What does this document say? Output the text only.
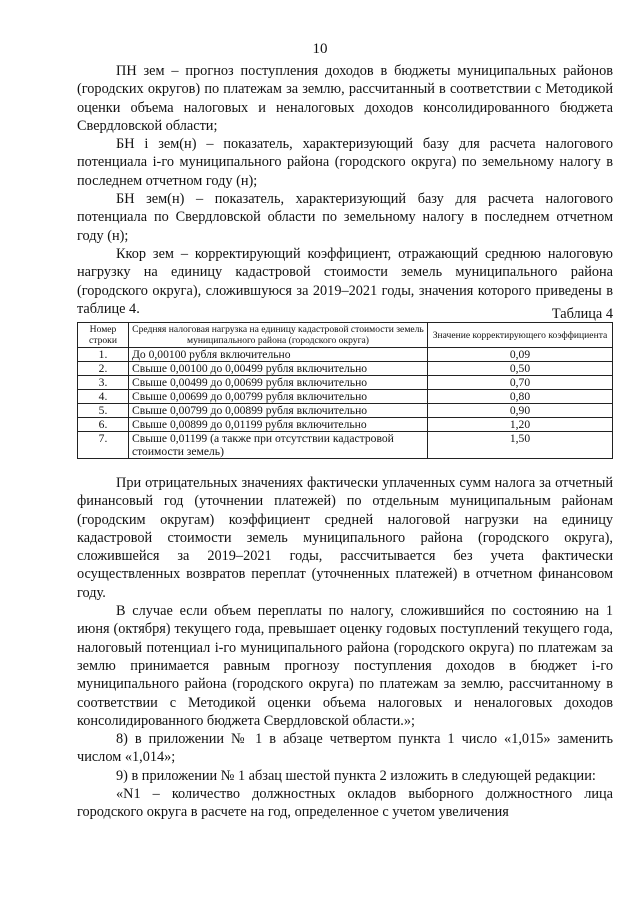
10

ПН зем – прогноз поступления доходов в бюджеты муниципальных районов (городских округов) по платежам за землю, рассчитанный в соответствии с Методикой оценки объема налоговых и неналоговых доходов консолидированного бюджета Свердловской области;

БН i зем(н) – показатель, характеризующий базу для расчета налогового потенциала i-го муниципального района (городского округа) по земельному налогу в последнем отчетном году (н);

БН зем(н) – показатель, характеризующий базу для расчета налогового потенциала по Свердловской области по земельному налогу в последнем отчетном году (н);

Ккор зем – корректирующий коэффициент, отражающий среднюю налоговую нагрузку на единицу кадастровой стоимости земель муниципального района (городского округа), сложившуюся за 2019–2021 годы, значения которого приведены в таблице 4.	Таблица 4
Номер строки	Средняя налоговая нагрузка на единицу кадастровой стоимости земель муниципального района (городского округа)	Значение корректирующего коэффициента
1.	До 0,00100 рубля включительно	0,09
2.	Свыше 0,00100 до 0,00499 рубля включительно	0,50
3.	Свыше 0,00499 до 0,00699 рубля включительно	0,70
4.	Свыше 0,00699 до 0,00799 рубля включительно	0,80
5.	Свыше 0,00799 до 0,00899 рубля включительно	0,90
6.	Свыше 0,00899 до 0,01199 рубля включительно	1,20
7.	Свыше 0,01199 (а также при отсутствии кадастровой стоимости земель)	1,50

При отрицательных значениях фактически уплаченных сумм налога за отчетный финансовый год (уточнении платежей) по отдельным муниципальным районам (городским округам) коэффициент средней налоговой нагрузки на единицу кадастровой стоимости земель муниципального района (городского округа), сложившейся за 2019–2021 годы, рассчитывается без учета фактически осуществленных возвратов переплат (уточненных платежей) в отчетном финансовом году.

В случае если объем переплаты по налогу, сложившийся по состоянию на 1 июня (октября) текущего года, превышает оценку годовых поступлений текущего года, налоговый потенциал i-го муниципального района (городского округа) по платежам за землю принимается равным прогнозу поступления доходов в бюджет i-го муниципального района (городского округа) по платежам за землю, рассчитанному в соответствии с Методикой оценки объема налоговых и неналоговых доходов консолидированного бюджета Свердловской области.»;

8) в приложении № 1 в абзаце четвертом пункта 1 число «1,015» заменить числом «1,014»;

9) в приложении № 1 абзац шестой пункта 2 изложить в следующей редакции:

«N1 – количество должностных окладов выборного должностного лица городского округа в расчете на год, определенное с учетом увеличения
